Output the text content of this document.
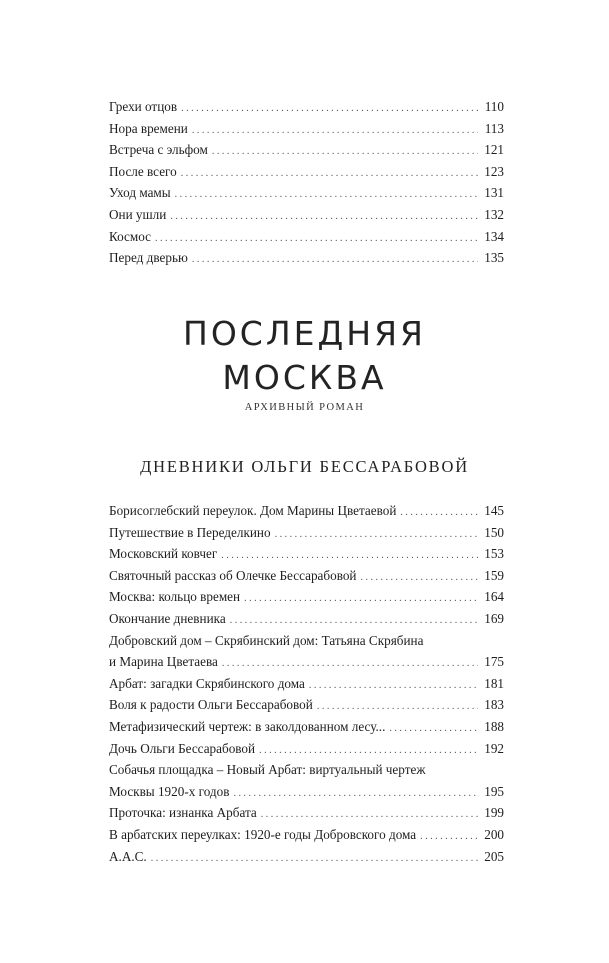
Грехи отцов . . .	110
Нора времени . . .	113
Встреча с эльфом . . .	121
После всего . . .	123
Уход мамы . . .	131
Они ушли . . .	132
Космос . . .	134
Перед дверью . . .	135
ПОСЛЕДНЯЯ
МОСКВА
АРХИВНЫЙ РОМАН
ДНЕВНИКИ ОЛЬГИ БЕССАРАБОВОЙ
Борисоглебский переулок. Дом Марины Цветаевой . . .	145
Путешествие в Переделкино . . .	150
Московский ковчег . . .	153
Святочный рассказ об Олечке Бессарабовой . . .	159
Москва: кольцо времен . . .	164
Окончание дневника . . .	169
Добровский дом – Скрябинский дом: Татьяна Скрябина
и Марина Цветаева . . .	175
Арбат: загадки Скрябинского дома . . .	181
Воля к радости Ольги Бессарабовой . . .	183
Метафизический чертеж: в заколдованном лесу... . . .	188
Дочь Ольги Бессарабовой . . .	192
Собачья площадка – Новый Арбат: виртуальный чертеж
Москвы 1920-х годов . . .	195
Проточка: изнанка Арбата . . .	199
В арбатских переулках: 1920-е годы Добровского дома . . .	200
А.А.С. . . .	205
